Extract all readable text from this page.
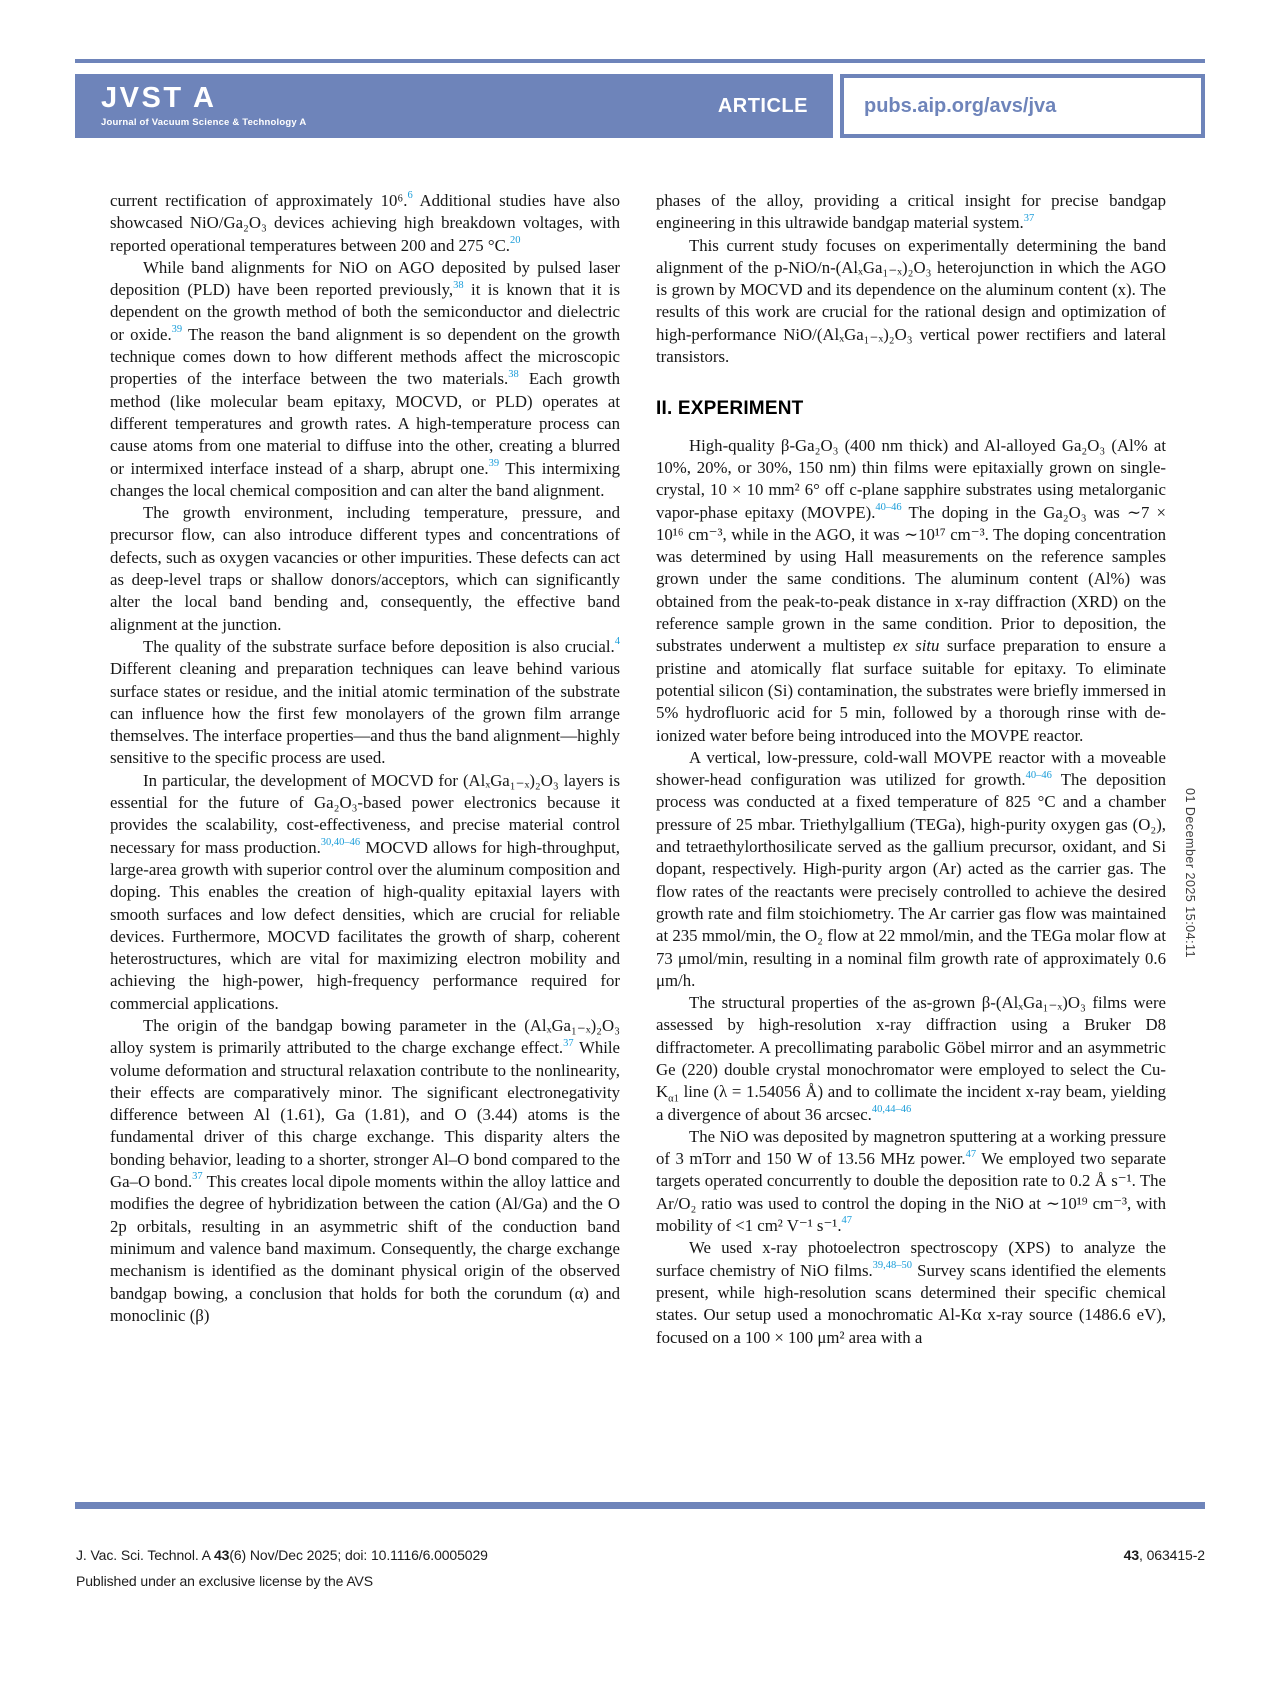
JVST A
Journal of Vacuum Science & Technology A
ARTICLE	pubs.aip.org/avs/jva

current rectification of approximately 10⁶.$^6$ Additional studies have also showcased NiO/Ga₂O₃ devices achieving high breakdown voltages, with reported operational temperatures between 200 and 275 °C.$^{20}$

While band alignments for NiO on AGO deposited by pulsed laser deposition (PLD) have been reported previously,$^{38}$ it is known that it is dependent on the growth method of both the semiconductor and dielectric or oxide.$^{39}$ The reason the band alignment is so dependent on the growth technique comes down to how different methods affect the microscopic properties of the interface between the two materials.$^{38}$ Each growth method (like molecular beam epitaxy, MOCVD, or PLD) operates at different temperatures and growth rates. A high-temperature process can cause atoms from one material to diffuse into the other, creating a blurred or intermixed interface instead of a sharp, abrupt one.$^{39}$ This intermixing changes the local chemical composition and can alter the band alignment.

The growth environment, including temperature, pressure, and precursor flow, can also introduce different types and concentrations of defects, such as oxygen vacancies or other impurities. These defects can act as deep-level traps or shallow donors/acceptors, which can significantly alter the local band bending and, consequently, the effective band alignment at the junction.

The quality of the substrate surface before deposition is also crucial.$^4$ Different cleaning and preparation techniques can leave behind various surface states or residue, and the initial atomic termination of the substrate can influence how the first few monolayers of the grown film arrange themselves. The interface properties—and thus the band alignment—highly sensitive to the specific process are used.

In particular, the development of MOCVD for (AlₓGa₁₋ₓ)₂O₃ layers is essential for the future of Ga₂O₃-based power electronics because it provides the scalability, cost-effectiveness, and precise material control necessary for mass production.$^{30,40-46}$ MOCVD allows for high-throughput, large-area growth with superior control over the aluminum composition and doping. This enables the creation of high-quality epitaxial layers with smooth surfaces and low defect densities, which are crucial for reliable devices. Furthermore, MOCVD facilitates the growth of sharp, coherent heterostructures, which are vital for maximizing electron mobility and achieving the high-power, high-frequency performance required for commercial applications.

The origin of the bandgap bowing parameter in the (AlₓGa₁₋ₓ)₂O₃ alloy system is primarily attributed to the charge exchange effect.$^{37}$ While volume deformation and structural relaxation contribute to the nonlinearity, their effects are comparatively minor. The significant electronegativity difference between Al (1.61), Ga (1.81), and O (3.44) atoms is the fundamental driver of this charge exchange. This disparity alters the bonding behavior, leading to a shorter, stronger Al–O bond compared to the Ga–O bond.$^{37}$ This creates local dipole moments within the alloy lattice and modifies the degree of hybridization between the cation (Al/Ga) and the O 2p orbitals, resulting in an asymmetric shift of the conduction band minimum and valence band maximum. Consequently, the charge exchange mechanism is identified as the dominant physical origin of the observed bandgap bowing, a conclusion that holds for both the corundum (α) and monoclinic (β)

phases of the alloy, providing a critical insight for precise bandgap engineering in this ultrawide bandgap material system.$^{37}$

This current study focuses on experimentally determining the band alignment of the p-NiO/n-(AlₓGa₁₋ₓ)₂O₃ heterojunction in which the AGO is grown by MOCVD and its dependence on the aluminum content (x). The results of this work are crucial for the rational design and optimization of high-performance NiO/(AlₓGa₁₋ₓ)₂O₃ vertical power rectifiers and lateral transistors.

II. EXPERIMENT

High-quality β-Ga₂O₃ (400 nm thick) and Al-alloyed Ga₂O₃ (Al% at 10%, 20%, or 30%, 150 nm) thin films were epitaxially grown on single-crystal, 10 × 10 mm² 6° off c-plane sapphire substrates using metalorganic vapor-phase epitaxy (MOVPE).$^{40-46}$ The doping in the Ga₂O₃ was ∼7 × 10¹⁶ cm⁻³, while in the AGO, it was ∼10¹⁷ cm⁻³. The doping concentration was determined by using Hall measurements on the reference samples grown under the same conditions. The aluminum content (Al%) was obtained from the peak-to-peak distance in x-ray diffraction (XRD) on the reference sample grown in the same condition. Prior to deposition, the substrates underwent a multistep ex situ surface preparation to ensure a pristine and atomically flat surface suitable for epitaxy. To eliminate potential silicon (Si) contamination, the substrates were briefly immersed in 5% hydrofluoric acid for 5 min, followed by a thorough rinse with de-ionized water before being introduced into the MOVPE reactor.

A vertical, low-pressure, cold-wall MOVPE reactor with a moveable shower-head configuration was utilized for growth.$^{40-46}$ The deposition process was conducted at a fixed temperature of 825 °C and a chamber pressure of 25 mbar. Triethylgallium (TEGa), high-purity oxygen gas (O₂), and tetraethylorthosilicate served as the gallium precursor, oxidant, and Si dopant, respectively. High-purity argon (Ar) acted as the carrier gas. The flow rates of the reactants were precisely controlled to achieve the desired growth rate and film stoichiometry. The Ar carrier gas flow was maintained at 235 mmol/min, the O₂ flow at 22 mmol/min, and the TEGa molar flow at 73 μmol/min, resulting in a nominal film growth rate of approximately 0.6 μm/h.

The structural properties of the as-grown β-(AlₓGa₁₋ₓ)O₃ films were assessed by high-resolution x-ray diffraction using a Bruker D8 diffractometer. A precollimating parabolic Göbel mirror and an asymmetric Ge (220) double crystal monochromator were employed to select the $Cu-K_{\alpha 1}$ line (λ = 1.54056 Å) and to collimate the incident x-ray beam, yielding a divergence of about 36 arcsec.$^{40,44-46}$

The NiO was deposited by magnetron sputtering at a working pressure of 3 mTorr and 150 W of 13.56 MHz power.$^{47}$ We employed two separate targets operated concurrently to double the deposition rate to 0.2 Å s⁻¹. The Ar/O₂ ratio was used to control the doping in the NiO at ∼10¹⁹ cm⁻³, with mobility of <1 cm² V⁻¹ s⁻¹.$^{47}$

We used x-ray photoelectron spectroscopy (XPS) to analyze the surface chemistry of NiO films.$^{39,48-50}$ Survey scans identified the elements present, while high-resolution scans determined their specific chemical states. Our setup used a monochromatic Al-Kα x-ray source (1486.6 eV), focused on a 100 × 100 μm² area with a

01 December 2025 15:04:11
J. Vac. Sci. Technol. A 43(6) Nov/Dec 2025; doi: 10.1116/6.0005029	43, 063415-2
Published under an exclusive license by the AVS
